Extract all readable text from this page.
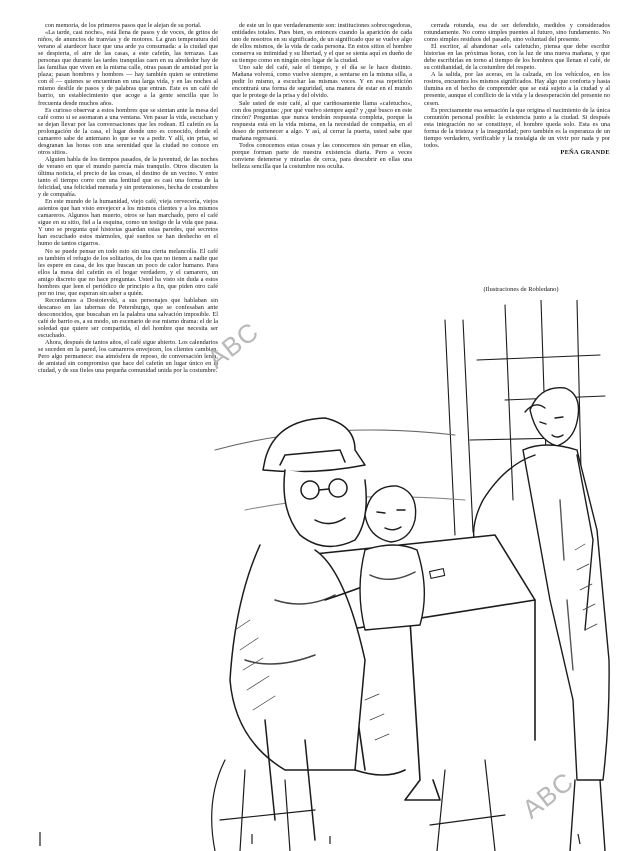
con memoria, de los primeros pasos que le alejan de su portal.

«La tarde, casi noche», está llena de pasos y de voces, de gritos de niños, de anuncios de tranvías y de motores. La gran temperatura del verano al atardecer hace que una arde ya consumada: a la ciudad que se despierta, el aire de las casas, a este cafetín, las terrazas. Las personas que durante las tardes tranquilas caen en su alrededor hay de las familias que viven en la misma calle, otras pasan de amistad por la plaza; pasan hombres y hombres — hay también quien se entretiene con él — quienes se encuentran en una larga vida, y en las noches al mismo desfile de pasos y de palabras que entran. Este es un café de barrio, un establecimiento que acoge a la gente sencilla que lo frecuenta desde muchos años.

Es curioso observar a estos hombres que se sientan ante la mesa del café como si se asomaran a una ventana. Ven pasar la vida, escuchan y se dejan llevar por las conversaciones que les rodean. El cafetín es la prolongación de la casa, el lugar donde uno es conocido, donde el camarero sabe de antemano lo que se va a pedir. Y allí, sin prisa, se desgranan las horas con una serenidad que la ciudad no conoce en otros sitios.

Alguien habla de los tiempos pasados, de la juventud, de las noches de verano en que el mundo parecía más tranquilo. Otros discuten la última noticia, el precio de las cosas, el destino de un vecino. Y entre tanto el tiempo corre con una lentitud que es casi una forma de la felicidad, una felicidad menuda y sin pretensiones, hecha de costumbre y de compañía.

En este mundo de la humanidad, viejo café, vieja cervecería, viejos asientos que han visto envejecer a los mismos clientes y a los mismos camareros. Algunos han muerto, otros se han marchado, pero el café sigue en su sitio, fiel a la esquina, como un testigo de la vida que pasa. Y uno se pregunta qué historias guardan estas paredes, qué secretos han escuchado estos mármoles, qué sueños se han deshecho en el humo de tantos cigarros.

No se puede pensar en todo esto sin una cierta melancolía. El café es también el refugio de los solitarios, de los que no tienen a nadie que les espere en casa, de los que buscan un poco de calor humano. Para ellos la mesa del cafetín es el hogar verdadero, y el camarero, un amigo discreto que no hace preguntas. Usted ha visto sin duda a estos hombres que leen el periódico de principio a fin, que piden otro café por no irse, que esperan sin saber a quién.

Recordamos a Dostoievski, a sus personajes que hablaban sin descanso en las tabernas de Petersburgo, que se confesaban ante desconocidos, que buscaban en la palabra una salvación imposible. El café de barrio es, a su modo, un escenario de ese mismo drama: el de la soledad que quiere ser compartida, el del hombre que necesita ser escuchado.

Ahora, después de tantos años, el café sigue abierto. Los calendarios se suceden en la pared, los camareros envejecen, los clientes cambian. Pero algo permanece: esa atmósfera de reposo, de conversación lenta, de amistad sin compromiso que hace del cafetín un lugar único en la ciudad, y de sus fieles una pequeña comunidad unida por la costumbre.

de este un lo que verdaderamente son: instituciones sobrecogedoras, entidades totales. Pues bien, es entonces cuando la aparición de cada uno de nosotros en su significado, de un significado que se vuelve algo de ellos mismos, de la vida de cada persona. En estos sitios el hombre conserva su intimidad y su libertad, y el que se sienta aquí es dueño de su tiempo como en ningún otro lugar de la ciudad.

Uno sale del café, sale el tiempo, y el día se le hace distinto. Mañana volverá, como vuelve siempre, a sentarse en la misma silla, a pedir lo mismo, a escuchar las mismas voces. Y en esa repetición encontrará una forma de seguridad, una manera de estar en el mundo que le protege de la prisa y del olvido.

Sale usted de este café, al que cariñosamente llama «cafetucho», con dos preguntas: ¿por qué vuelvo siempre aquí? y ¿qué busco en este rincón? Preguntas que nunca tendrán respuesta completa, porque la respuesta está en la vida misma, en la necesidad de compañía, en el deseo de pertenecer a algo. Y así, al cerrar la puerta, usted sabe que mañana regresará.

Todos conocemos estas cosas y las conocemos sin pensar en ellas, porque forman parte de nuestra existencia diaria. Pero a veces conviene detenerse y mirarlas de cerca, para descubrir en ellas una belleza sencilla que la costumbre nos oculta.

cerrada rotunda, esa de ser defendido, medidos y considerados rotundamente. No como simples puentes al futuro, sino fundamento. No como simples residuos del pasado, sino voluntad del presente.

El escritor, al abandonar «el» cafetucho, piensa que debe escribir historias en las próximas horas, con la luz de una nueva mañana, y que debe escribirlas en torno al tiempo de los hombres que llenan el café, de su cotidianidad, de la costumbre del respeto.

A la salida, por las aceras, en la calzada, en los vehículos, en los rostros, encuentra los mismos significados. Hay algo que conforta y hasta ilumina en el hecho de comprender que se está sujeto a la ciudad y al presente, aunque el conflicto de la vida y la desesperación del presente no cesen.

Es precisamente esa sensación la que origina el nacimiento de la única comunión personal posible: la existencia junto a la ciudad. Si después esta integración no se constituye, el hombre queda solo. Esta es una forma de la tristeza y la inseguridad; pero también es la esperanza de un tiempo verdadero, verificable y la nostalgia de un vivir por nada y por todos.

PEÑA GRANDE

(Ilustraciones de Robledano)
ABC
ABC
